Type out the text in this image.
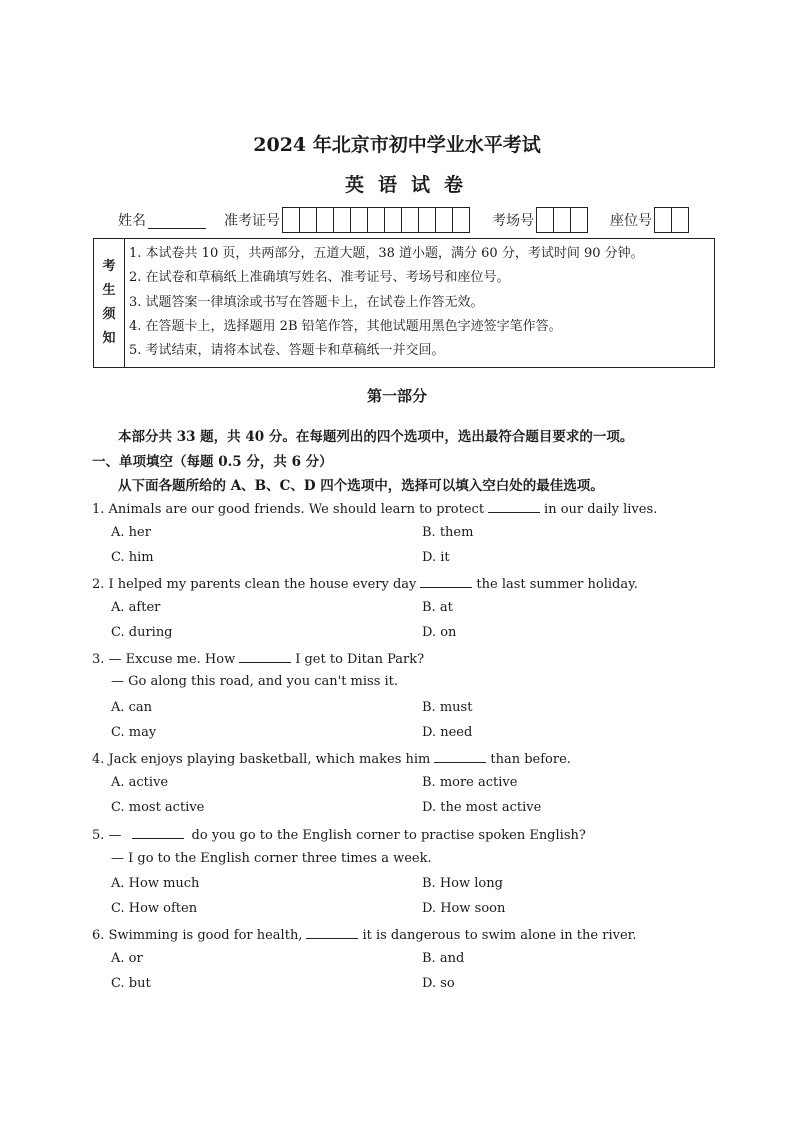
2024 年北京市初中学业水平考试
英语试卷
姓名	准考证号	考场号	座位号
考
生
须
知
1. 本试卷共 10 页，共两部分，五道大题，38 道小题，满分 60 分，考试时间 90 分钟。
2. 在试卷和草稿纸上准确填写姓名、准考证号、考场号和座位号。
3. 试题答案一律填涂或书写在答题卡上，在试卷上作答无效。
4. 在答题卡上，选择题用 2B 铅笔作答，其他试题用黑色字迹签字笔作答。
5. 考试结束，请将本试卷、答题卡和草稿纸一并交回。
第一部分
本部分共 33 题，共 40 分。在每题列出的四个选项中，选出最符合题目要求的一项。
一、单项填空（每题 0.5 分，共 6 分）
从下面各题所给的 A、B、C、D 四个选项中，选择可以填入空白处的最佳选项。
1. Animals are our good friends. We should learn to protect	in our daily lives.
A. her	B. them
C. him	D. it
2. I helped my parents clean the house every day	the last summer holiday.
A. after	B. at
C. during	D. on
3. — Excuse me. How	I get to Ditan Park?
— Go along this road, and you can't miss it.
A. can	B. must
C. may	D. need
4. Jack enjoys playing basketball, which makes him	than before.
A. active	B. more active
C. most active	D. the most active
5. —	do you go to the English corner to practise spoken English?
— I go to the English corner three times a week.
A. How much	B. How long
C. How often	D. How soon
6. Swimming is good for health,	it is dangerous to swim alone in the river.
A. or	B. and
C. but	D. so
